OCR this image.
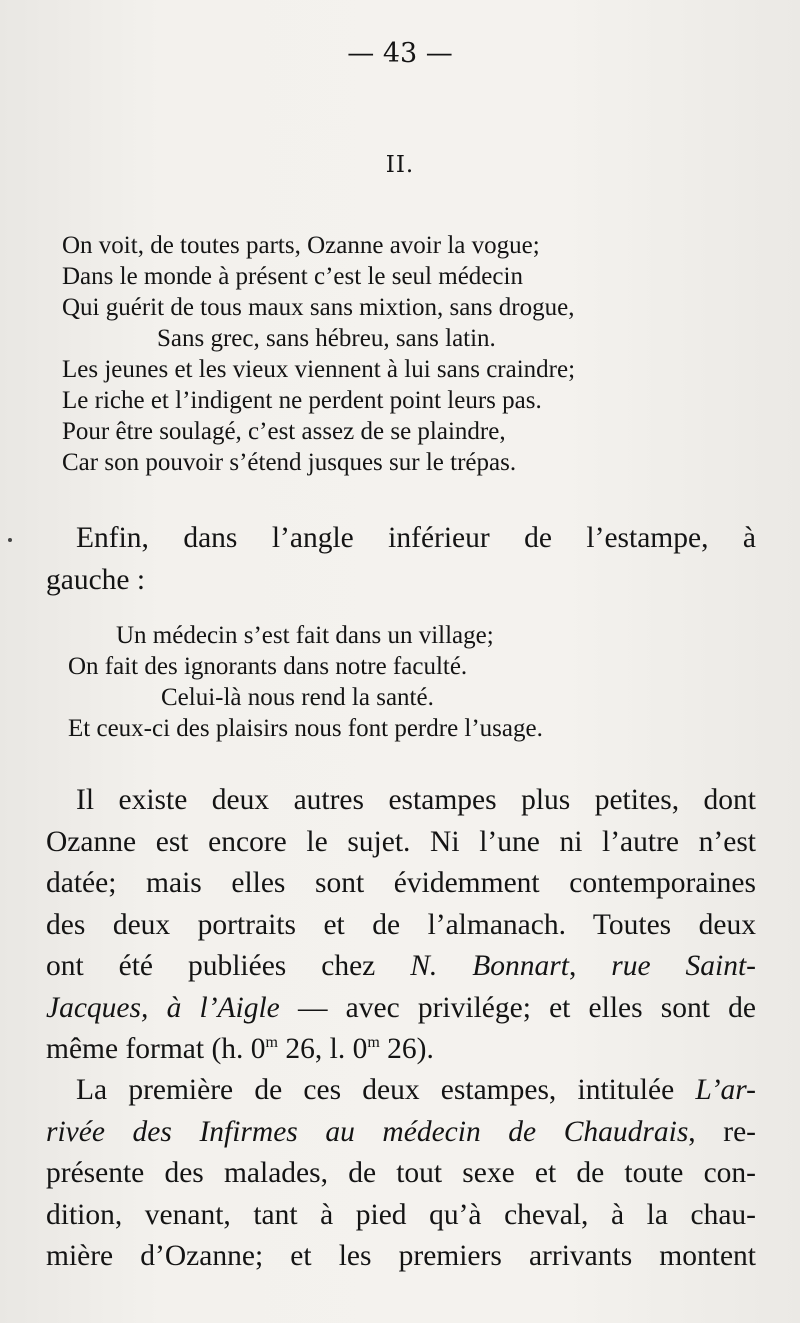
— 43 —
II.
On voit, de toutes parts, Ozanne avoir la vogue;
Dans le monde à présent c’est le seul médecin
Qui guérit de tous maux sans mixtion, sans drogue,
Sans grec, sans hébreu, sans latin.
Les jeunes et les vieux viennent à lui sans craindre;
Le riche et l’indigent ne perdent point leurs pas.
Pour être soulagé, c’est assez de se plaindre,
Car son pouvoir s’étend jusques sur le trépas.
Enfin, dans l’angle inférieur de l’estampe, à
gauche :
Un médecin s’est fait dans un village;
On fait des ignorants dans notre faculté.
Celui-là nous rend la santé.
Et ceux-ci des plaisirs nous font perdre l’usage.
Il existe deux autres estampes plus petites, dont
Ozanne est encore le sujet. Ni l’une ni l’autre n’est
datée; mais elles sont évidemment contemporaines
des deux portraits et de l’almanach. Toutes deux
ont été publiées chez N. Bonnart, rue Saint-
Jacques, à l’Aigle — avec privilége; et elles sont de
même format (h. 0$^m$ 26, l. 0$^m$ 26).
La première de ces deux estampes, intitulée L’ar-
rivée des Infirmes au médecin de Chaudrais, re-
présente des malades, de tout sexe et de toute con-
dition, venant, tant à pied qu’à cheval, à la chau-
mière d’Ozanne; et les premiers arrivants montent
